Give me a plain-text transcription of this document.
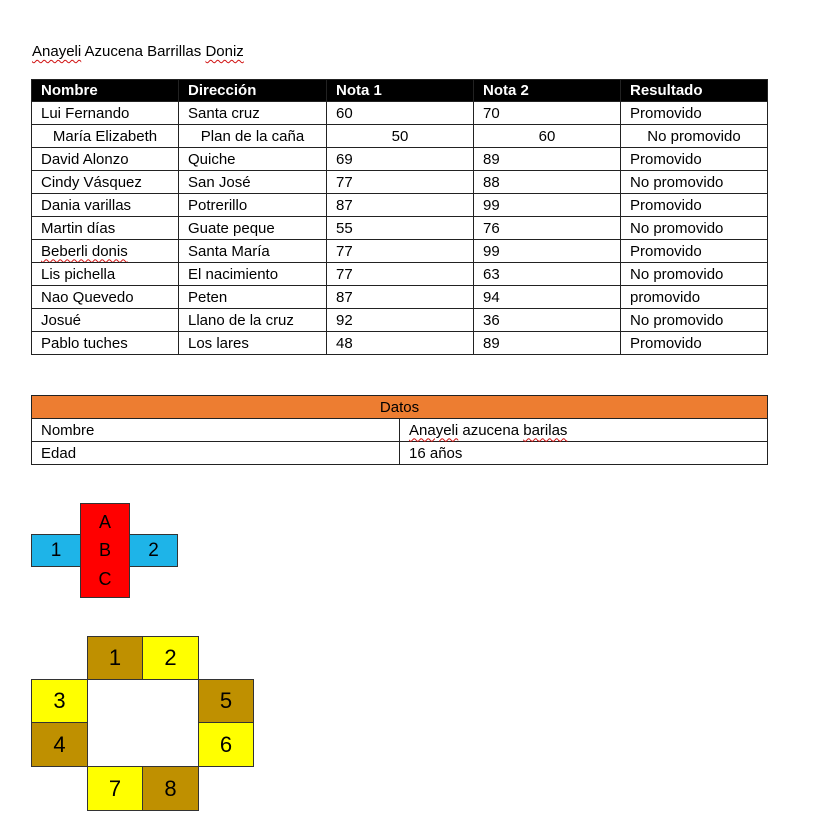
Anayeli Azucena Barrillas Doniz
Nombre	Dirección	Nota 1	Nota 2	Resultado
Lui Fernando	Santa cruz	60	70	Promovido
María Elizabeth	Plan de la caña	50	60	No promovido
David Alonzo	Quiche	69	89	Promovido
Cindy Vásquez	San José	77	88	No promovido
Dania varillas	Potrerillo	87	99	Promovido
Martin días	Guate peque	55	76	No promovido
Beberli donis	Santa María	77	99	Promovido
Lis pichella	El nacimiento	77	63	No promovido
Nao Quevedo	Peten	87	94	promovido
Josué	Llano de la cruz	92	36	No promovido
Pablo tuches	Los lares	48	89	Promovido
Datos	
Nombre	Anayeli azucena barilas
Edad	16 años
1
A
B
C
2
1	2
3
4
5
6
7	8
